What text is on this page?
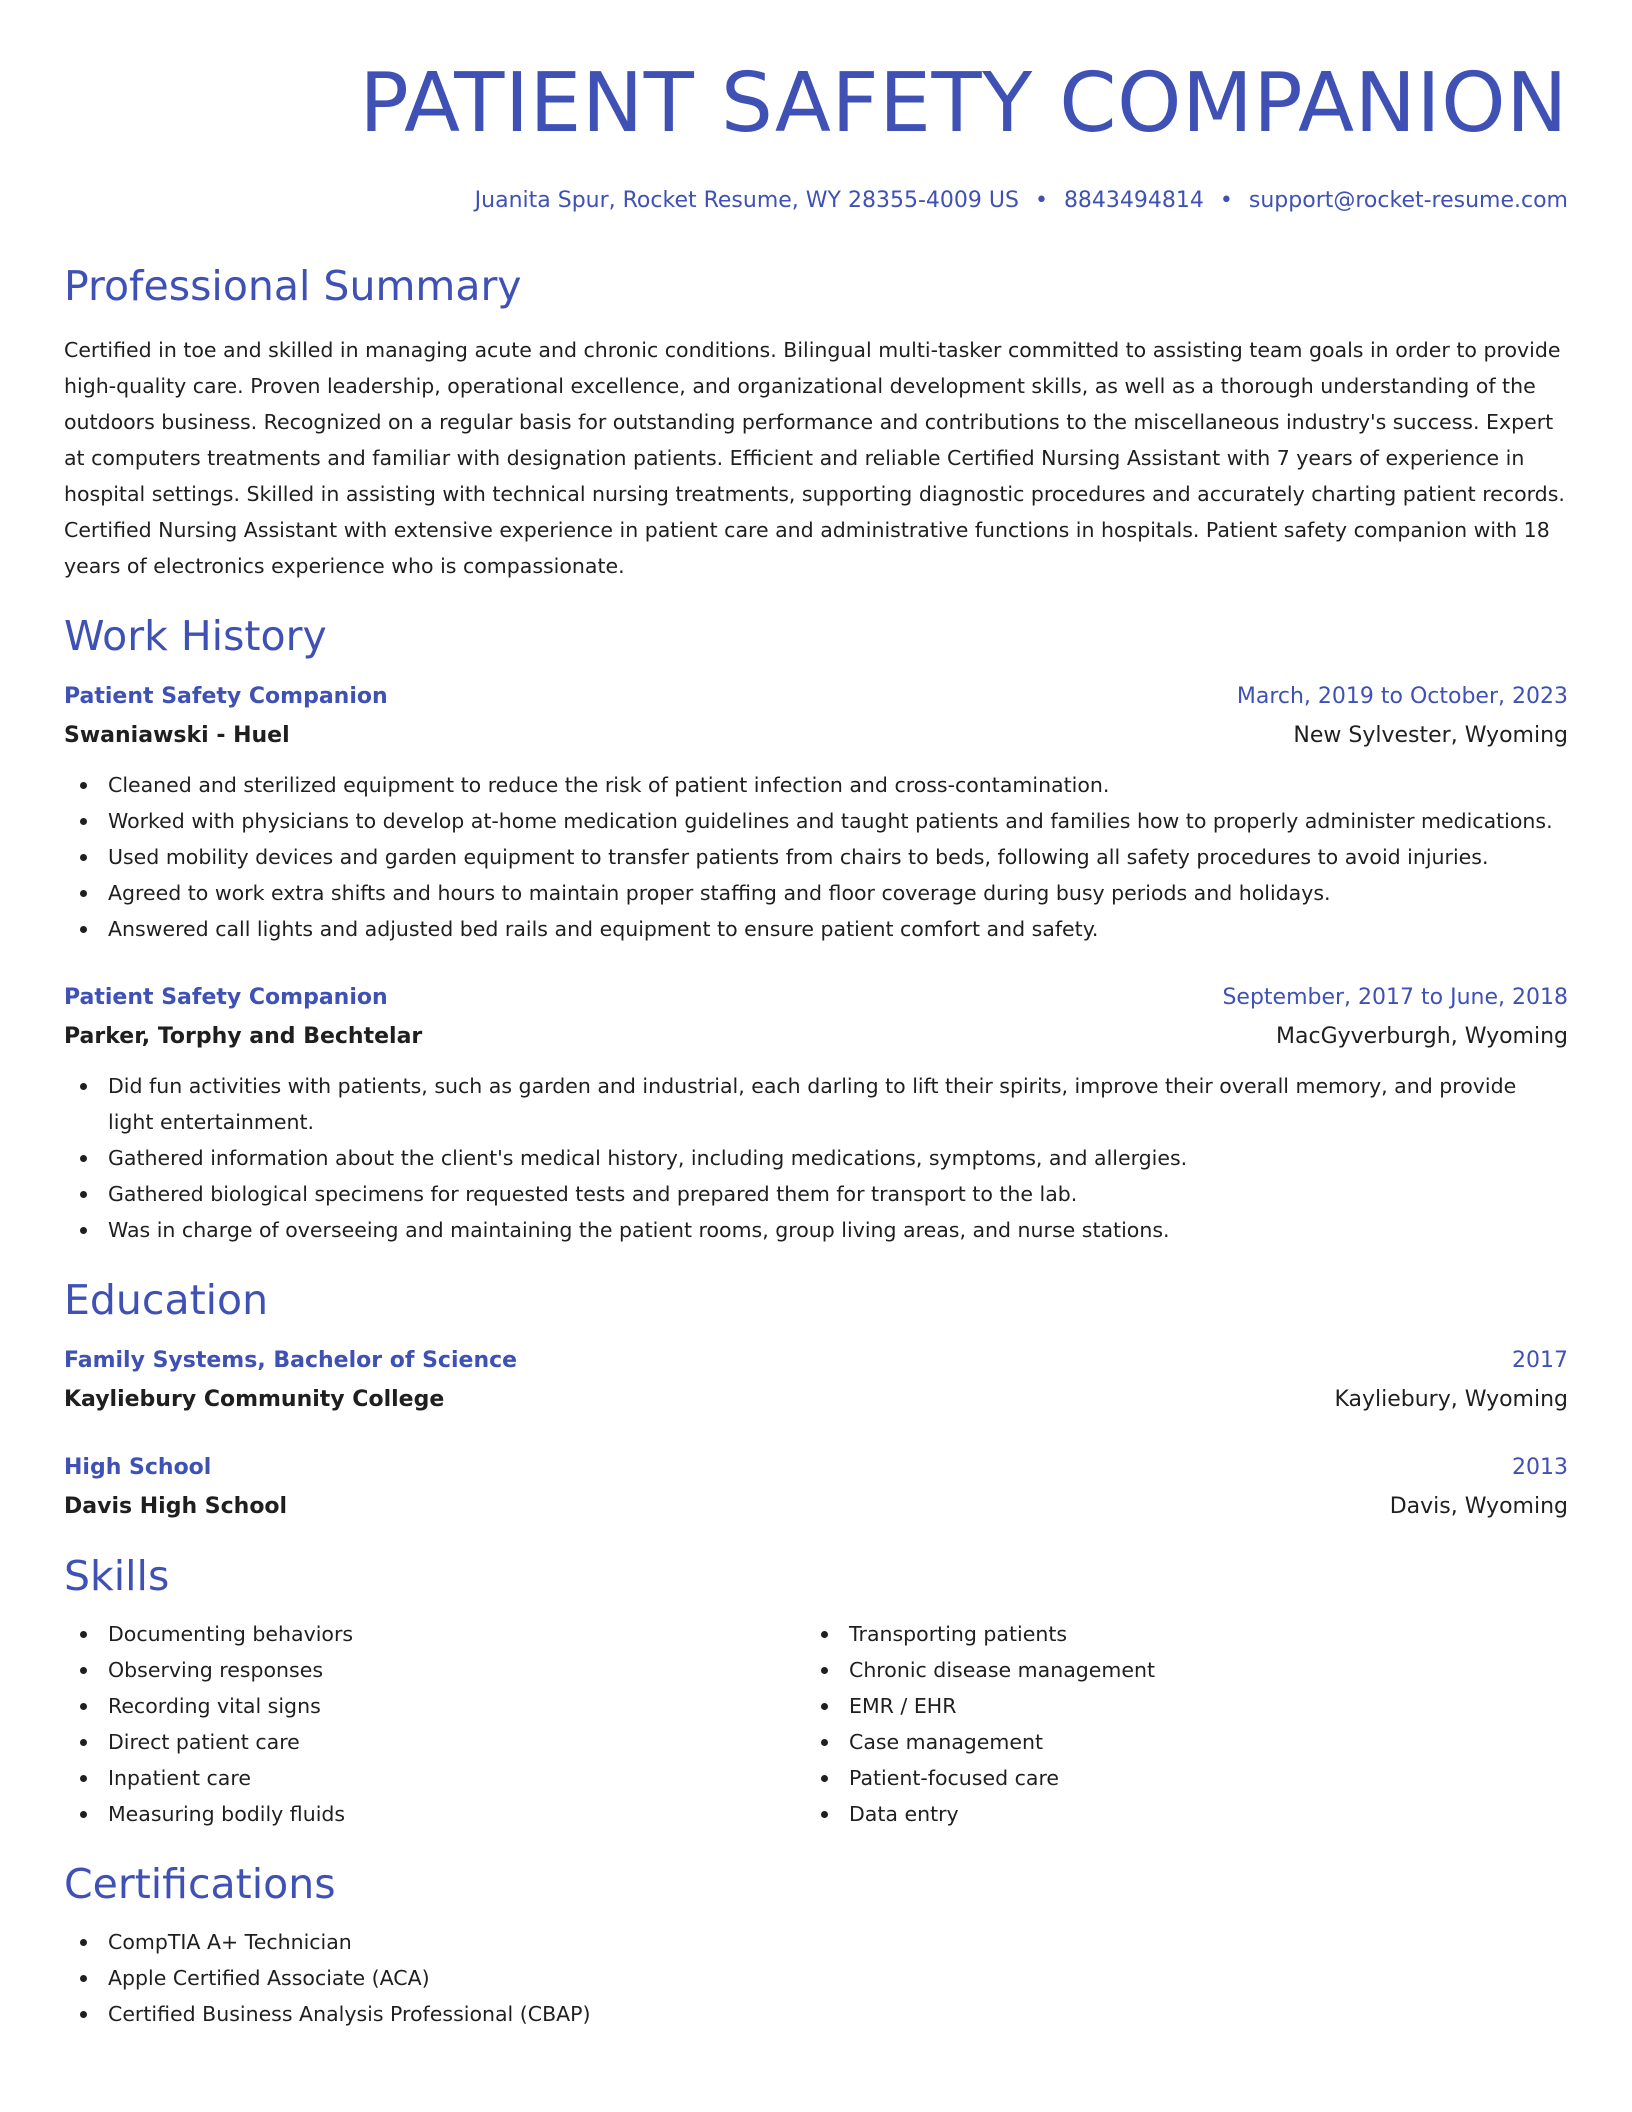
PATIENT SAFETY COMPANION
Juanita Spur, Rocket Resume, WY 28355-4009 US • 8843494814 • support@rocket-resume.com
Professional Summary

Certified in toe and skilled in managing acute and chronic conditions. Bilingual multi-tasker committed to assisting team goals in order to provide high-quality care. Proven leadership, operational excellence, and organizational development skills, as well as a thorough understanding of the outdoors business. Recognized on a regular basis for outstanding performance and contributions to the miscellaneous industry's success. Expert at computers treatments and familiar with designation patients. Efficient and reliable Certified Nursing Assistant with 7 years of experience in hospital settings. Skilled in assisting with technical nursing treatments, supporting diagnostic procedures and accurately charting patient records. Certified Nursing Assistant with extensive experience in patient care and administrative functions in hospitals. Patient safety companion with 18 years of electronics experience who is compassionate.

Work History
Patient Safety Companion	March, 2019 to October, 2023
Swaniawski - Huel	New Sylvester, Wyoming
Cleaned and sterilized equipment to reduce the risk of patient infection and cross-contamination.
Worked with physicians to develop at-home medication guidelines and taught patients and families how to properly administer medications.
Used mobility devices and garden equipment to transfer patients from chairs to beds, following all safety procedures to avoid injuries.
Agreed to work extra shifts and hours to maintain proper staffing and floor coverage during busy periods and holidays.
Answered call lights and adjusted bed rails and equipment to ensure patient comfort and safety.
Patient Safety Companion	September, 2017 to June, 2018
Parker, Torphy and Bechtelar	MacGyverburgh, Wyoming
Did fun activities with patients, such as garden and industrial, each darling to lift their spirits, improve their overall memory, and provide light entertainment.
Gathered information about the client's medical history, including medications, symptoms, and allergies.
Gathered biological specimens for requested tests and prepared them for transport to the lab.
Was in charge of overseeing and maintaining the patient rooms, group living areas, and nurse stations.
Education
Family Systems, Bachelor of Science	2017
Kayliebury Community College	Kayliebury, Wyoming
High School	2013
Davis High School	Davis, Wyoming
Skills
Documenting behaviors
Observing responses
Recording vital signs
Direct patient care
Inpatient care
Measuring bodily fluids
Transporting patients
Chronic disease management
EMR / EHR
Case management
Patient-focused care
Data entry
Certifications
CompTIA A+ Technician
Apple Certified Associate (ACA)
Certified Business Analysis Professional (CBAP)
